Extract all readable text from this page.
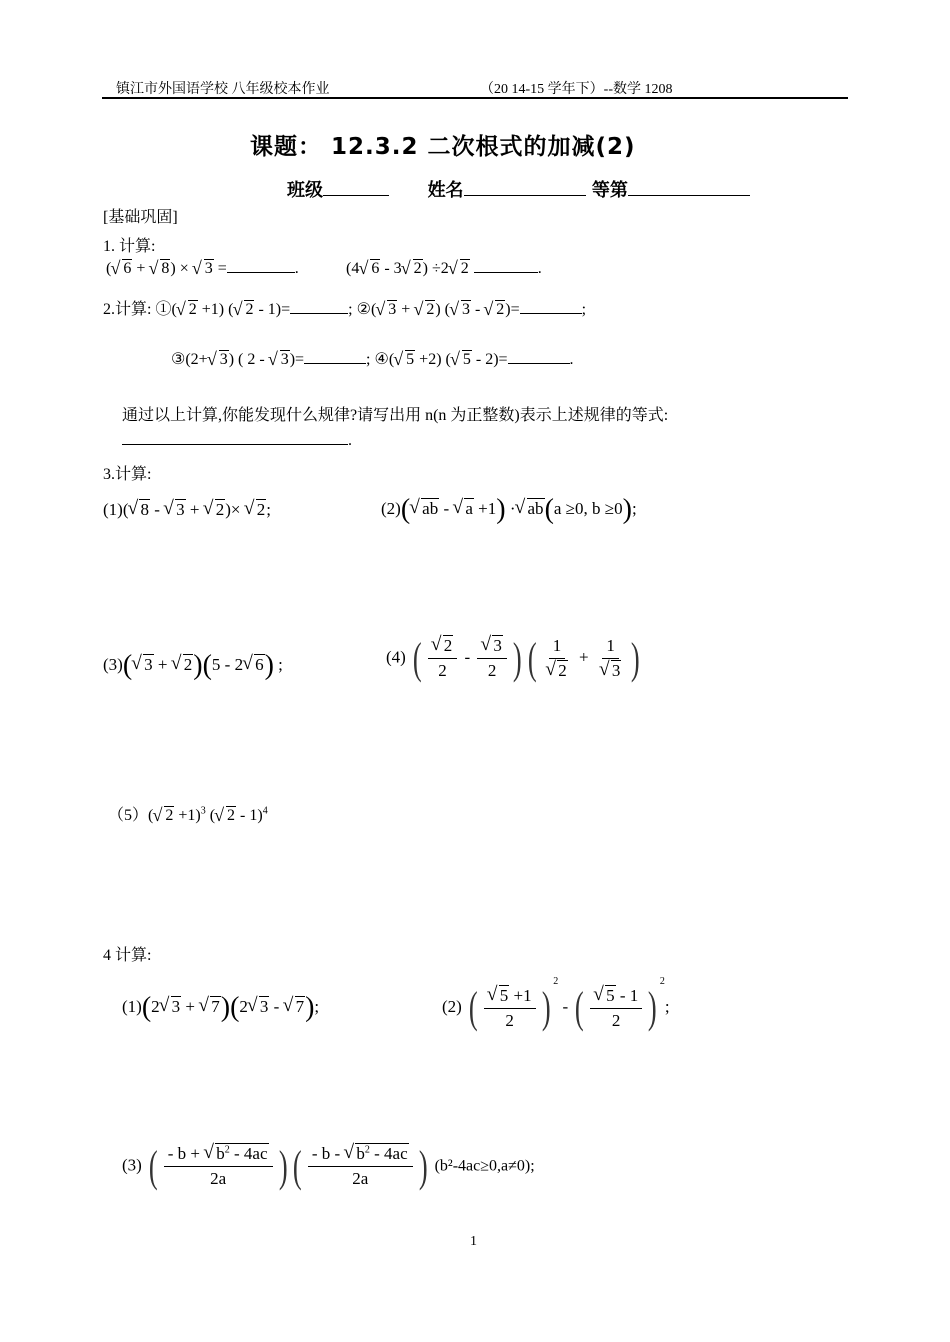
镇江市外国语学校 八年级校本作业	（20 14-15 学年下）--数学 1208
课题： 12.3.2 二次根式的加减(2)
班级	姓名	等第
[基础巩固]
1. 计算:
( √ 6 + √ 8) × √ 3 =	.	(4 √ 6 - 3 √ 2) ÷2 √ 2	.
2.计算: ①( √ 2 +1) ( √ 2 - 1)=	; ②( √ 3 + √ 2) ( √ 3 - √ 2)=	;
③(2+ √ 3) ( 2 - √ 3)=	; ④( √ 5 +2) ( √ 5 - 2)=	.
通过以上计算,你能发现什么规律?请写出用 n(n 为正整数)表示上述规律的等式:
.
3.计算:
(1)( √ 8 - √ 3 + √ 2)× √ 2;	(2)( √ ab - √ a +1) · √ ab(a ≥0, b ≥0);
(3)( √ 3 + √ 2)(5 - 2 √ 6) ;	(4) ( √ $\frac{2}{2}$ - √ $\frac{3}{2}$ ) ( 1
√ 2 + 1
√ 3 )
（5）( √ 2 +1)$^3$ ( √ 2 - 1)$^4$
4 计算:
(1)(2 √ 3 + √ 7)(2 √ 3 - √ 7);	(2) ( √ $\frac{5 +1}{2} )^2$ - ( √ $\frac{5 - 1}{2} )^2$;
(3) ( $\frac{- b + √ b^2 - 4ac}{2a}$ ) ( $\frac{- b - √ b^2 - 4ac}{2a}$ ) (b²-4ac≥0,a≠0);
1
